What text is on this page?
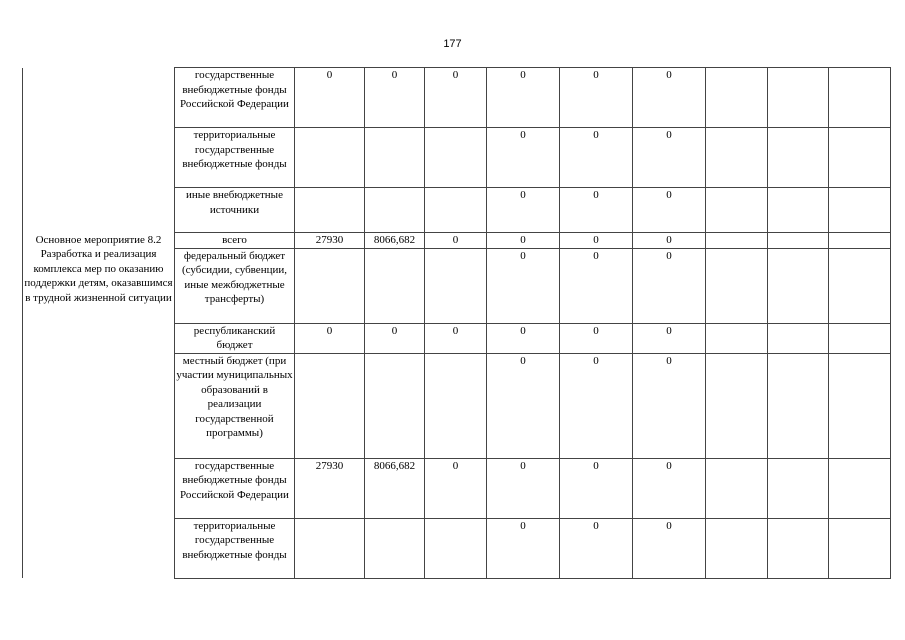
177
	государственные внебюджетные фонды Российской Федерации	0	0	0	0	0	0			
	территориальные государственные внебюджетные фонды				0	0	0			
	иные внебюджетные источники				0	0	0			
Основное мероприятие 8.2 Разработка и реализация комплекса мер по оказанию поддержки детям, оказавшимся в трудной жизненной ситуации	всего	27930	8066,682	0	0	0	0			
	федеральный бюджет (субсидии, субвенции, иные межбюджетные трансферты)				0	0	0			
	республиканский бюджет	0	0	0	0	0	0			
	местный бюджет (при участии муниципальных образований в реализации государственной программы)				0	0	0			
	государственные внебюджетные фонды Российской Федерации	27930	8066,682	0	0	0	0			
	территориальные государственные внебюджетные фонды				0	0	0			
